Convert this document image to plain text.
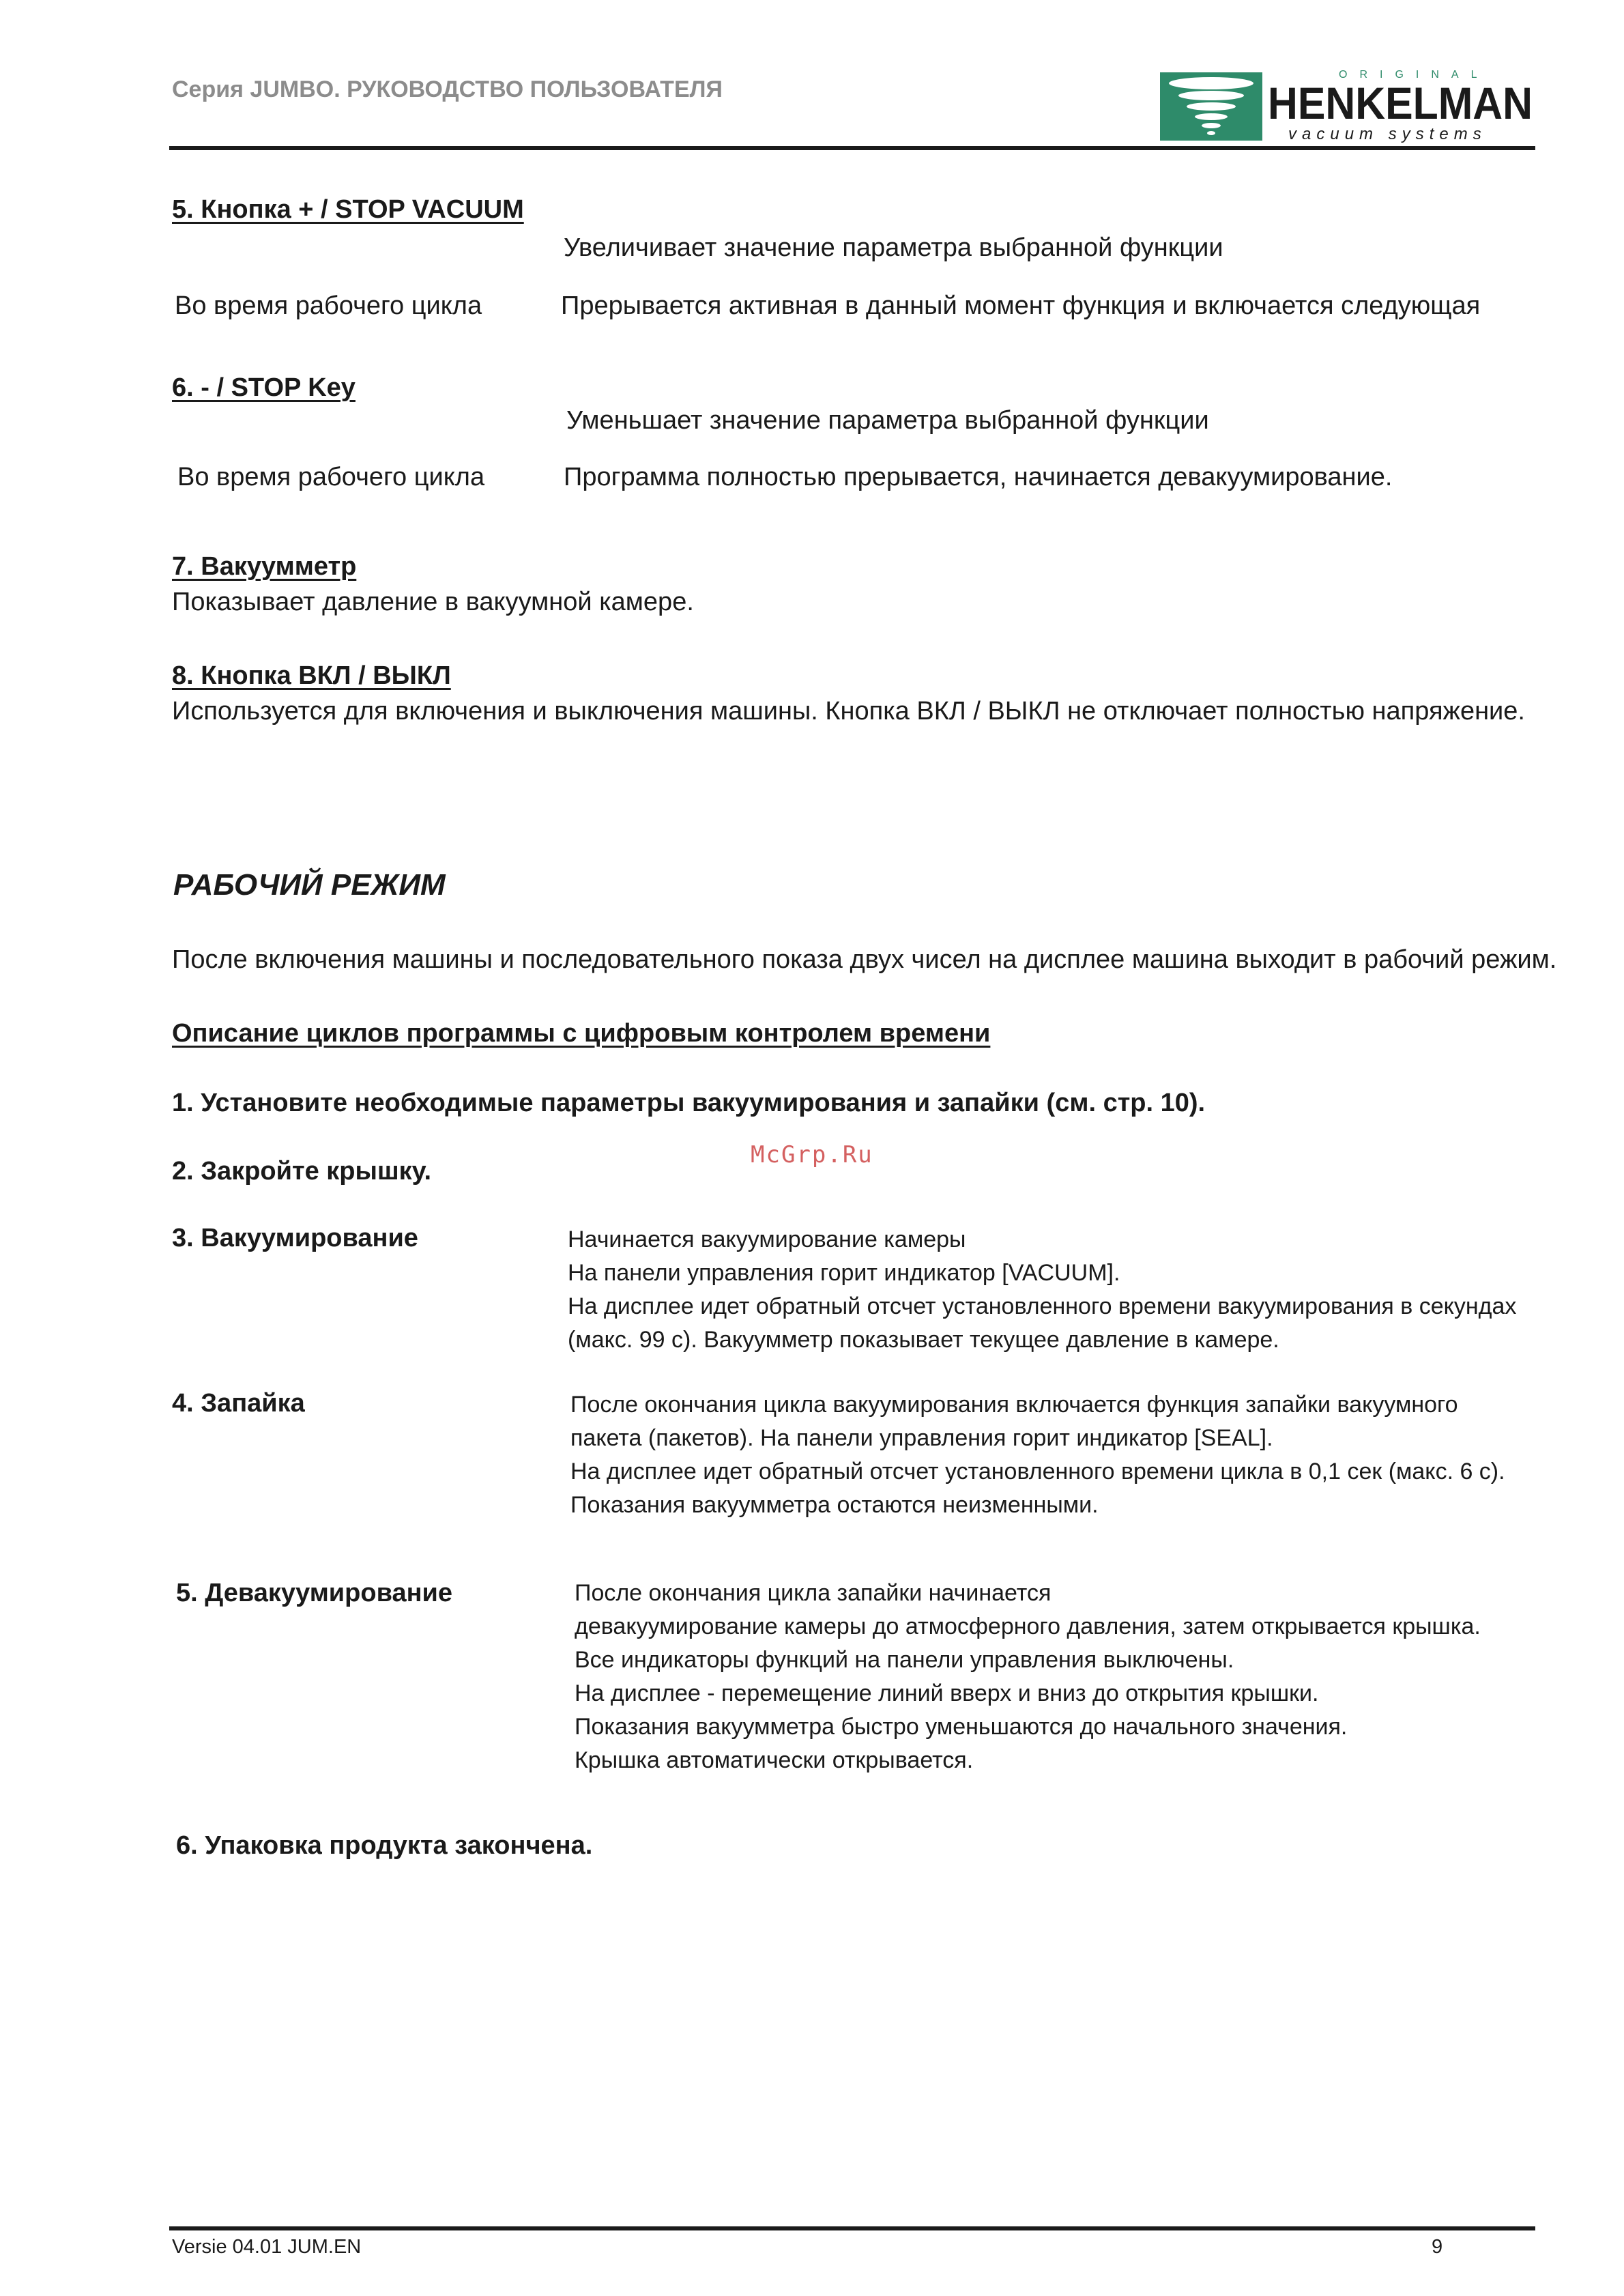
Серия JUMBO. РУКОВОДСТВО ПОЛЬЗОВАТЕЛЯ
ORIGINAL
HENKELMAN
vacuum systems
5. Кнопка + / STOP VACUUM
Увеличивает значение параметра выбранной функции
Во время рабочего цикла	Прерывается активная в данный момент функция и включается следующая
6. - / STOP Key
Уменьшает значение параметра выбранной функции
Во время рабочего цикла	Программа полностью прерывается, начинается девакуумирование.
7. Вакуумметр
Показывает давление в вакуумной камере.
8. Кнопка ВКЛ / ВЫКЛ
Используется для включения и выключения машины. Кнопка ВКЛ / ВЫКЛ не отключает полностью напряжение.
РАБОЧИЙ РЕЖИМ
После включения машины и последовательного показа двух чисел на дисплее машина выходит в рабочий режим.
Описание циклов программы с цифровым контролем времени
1. Установите необходимые параметры вакуумирования и запайки (см. стр. 10).
2. Закройте крышку.
McGrp.Ru
3. Вакуумирование	Начинается вакуумирование камеры
На панели управления горит индикатор [VACUUM].
На дисплее идет обратный отсчет установленного времени вакуумирования в секундах
(макс. 99 с). Вакуумметр показывает текущее давление в камере.
4. Запайка	После окончания цикла вакуумирования включается функция запайки вакуумного
пакета (пакетов). На панели управления горит индикатор [SEAL].
На дисплее идет обратный отсчет установленного времени цикла в 0,1 сек (макс. 6 с).
Показания вакуумметра остаются неизменными.
5. Девакуумирование	После окончания цикла запайки начинается
девакуумирование камеры до атмосферного давления, затем открывается крышка.
Все индикаторы функций на панели управления выключены.
На дисплее - перемещение линий вверх и вниз до открытия крышки.
Показания вакуумметра быстро уменьшаются до начального значения.
Крышка автоматически открывается.
6. Упаковка продукта закончена.
Versie 04.01 JUM.EN	9
